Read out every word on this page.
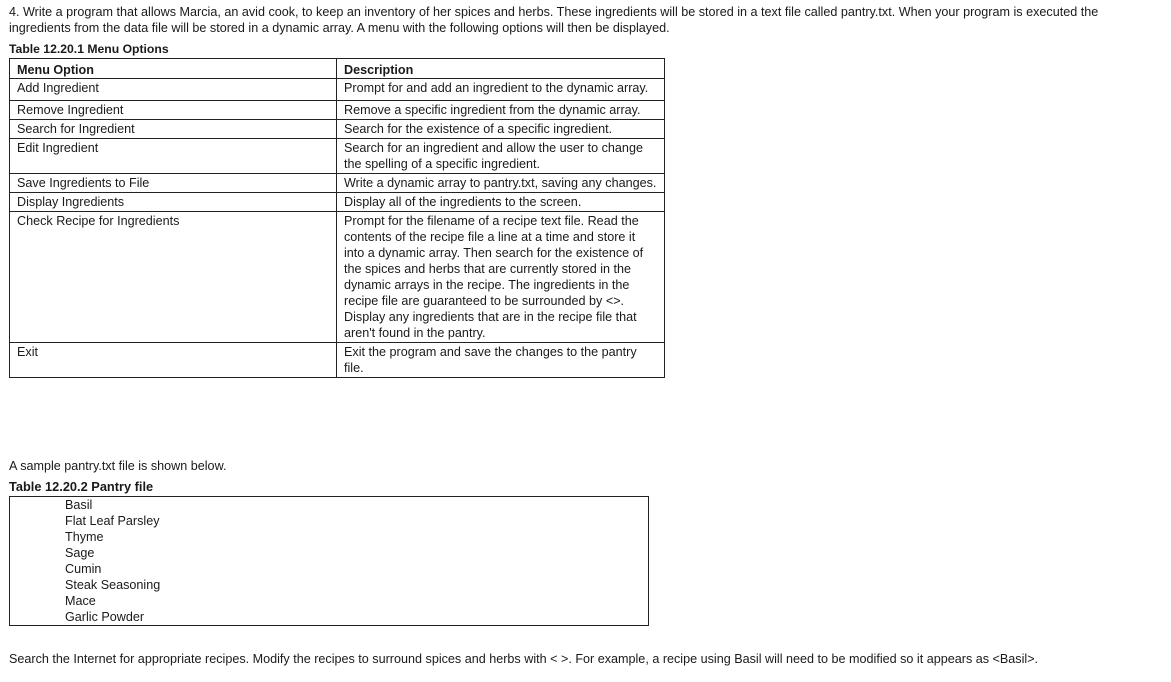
4. Write a program that allows Marcia, an avid cook, to keep an inventory of her spices and herbs. These ingredients will be stored in a text file called pantry.txt. When your program is executed the ingredients from the data file will be stored in a dynamic array. A menu with the following options will then be displayed.

Table 12.20.1 Menu Options

Menu Option	Description
Add Ingredient	Prompt for and add an ingredient to the dynamic array.
Remove Ingredient	Remove a specific ingredient from the dynamic array.
Search for Ingredient	Search for the existence of a specific ingredient.
Edit Ingredient	Search for an ingredient and allow the user to change the spelling of a specific ingredient.
Save Ingredients to File	Write a dynamic array to pantry.txt, saving any changes.
Display Ingredients	Display all of the ingredients to the screen.
Check Recipe for Ingredients	Prompt for the filename of a recipe text file. Read the contents of the recipe file a line at a time and store it into a dynamic array. Then search for the existence of the spices and herbs that are currently stored in the dynamic arrays in the recipe. The ingredients in the recipe file are guaranteed to be surrounded by <>. Display any ingredients that are in the recipe file that aren't found in the pantry.
Exit	Exit the program and save the changes to the pantry file.

A sample pantry.txt file is shown below.

Table 12.20.2 Pantry file

Basil
Flat Leaf Parsley
Thyme
Sage
Cumin
Steak Seasoning
Mace
Garlic Powder

Search the Internet for appropriate recipes. Modify the recipes to surround spices and herbs with < >. For example, a recipe using Basil will need to be modified so it appears as <Basil>.
